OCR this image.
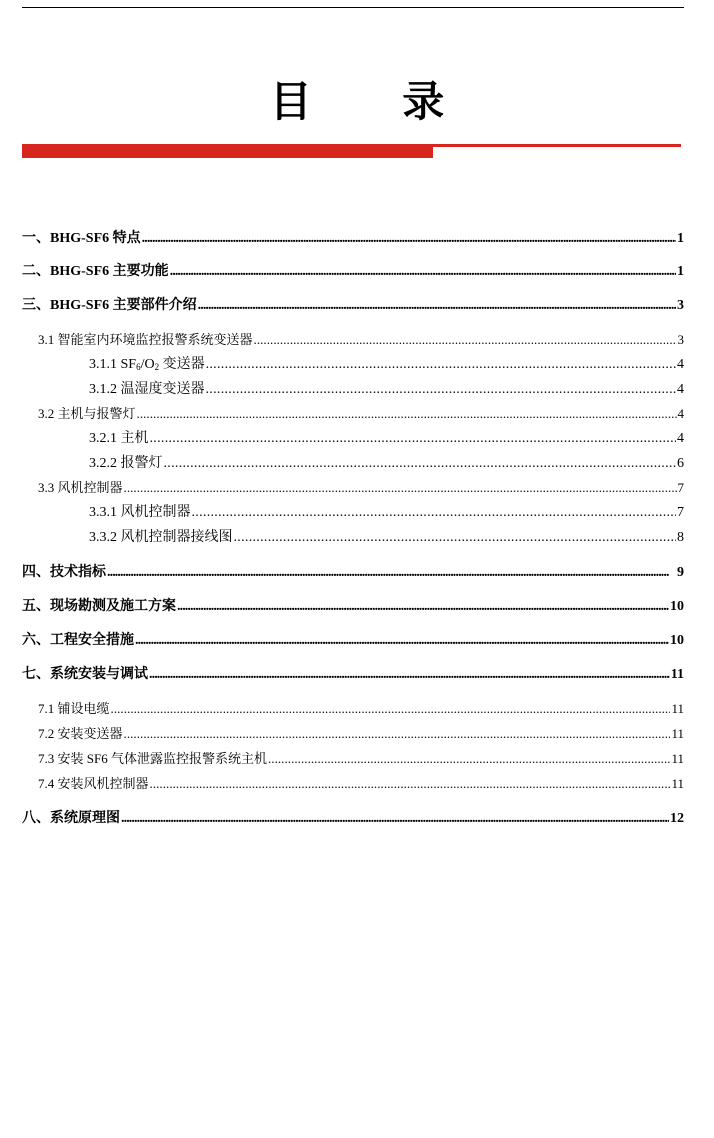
目 录
一、BHG-SF6 特点 . . .	1
二、BHG-SF6 主要功能 . . .	1
三、BHG-SF6 主要部件介绍 . . .	3
3.1 智能室内环境监控报警系统变送器 . . .	3
3.1.1 $SF_6/O_2$ 变送器 . . .	4
3.1.2 温湿度变送器 . . .	4
3.2 主机与报警灯 . . .	4
3.2.1 主机 . . .	4
3.2.2 报警灯 . . .	6
3.3 风机控制器 . . .	7
3.3.1 风机控制器 . . .	7
3.3.2 风机控制器接线图 . . .	8
四、技术指标 . . .	9
五、现场勘测及施工方案 . . .	10
六、工程安全措施 . . .	10
七、系统安装与调试 . . .	11
7.1 铺设电缆 . . .	11
7.2 安装变送器 . . .	11
7.3 安装 SF6 气体泄露监控报警系统主机 . . .	11
7.4 安装风机控制器 . . .	11
八、系统原理图 . . .	12
